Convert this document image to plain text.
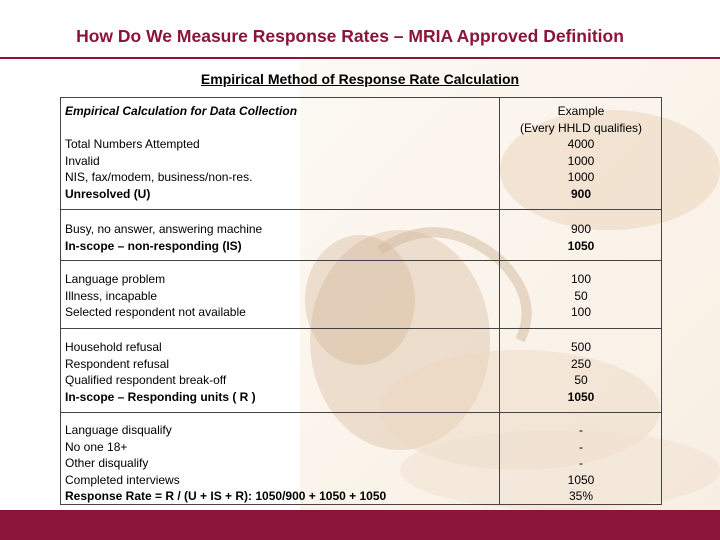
How Do We Measure Response Rates – MRIA Approved Definition
Empirical Method of Response Rate Calculation
Empirical Calculation for Data Collection	Example
(Every HHLD qualifies)
Total Numbers Attempted
Invalid
NIS, fax/modem, business/non-res.
Unresolved (U)
4000
1000
1000
900
Busy, no answer, answering machine
In-scope – non-responding (IS)
900
1050
Language problem
Illness, incapable
Selected respondent not available
100
50
100
Household refusal
Respondent refusal
Qualified respondent break-off
In-scope – Responding units ( R )
500
250
50
1050
Language disqualify
No one 18+
Other disqualify
Completed interviews
Response Rate = R / (U + IS + R): 1050/900 + 1050 + 1050
-
-
-
1050
35%
